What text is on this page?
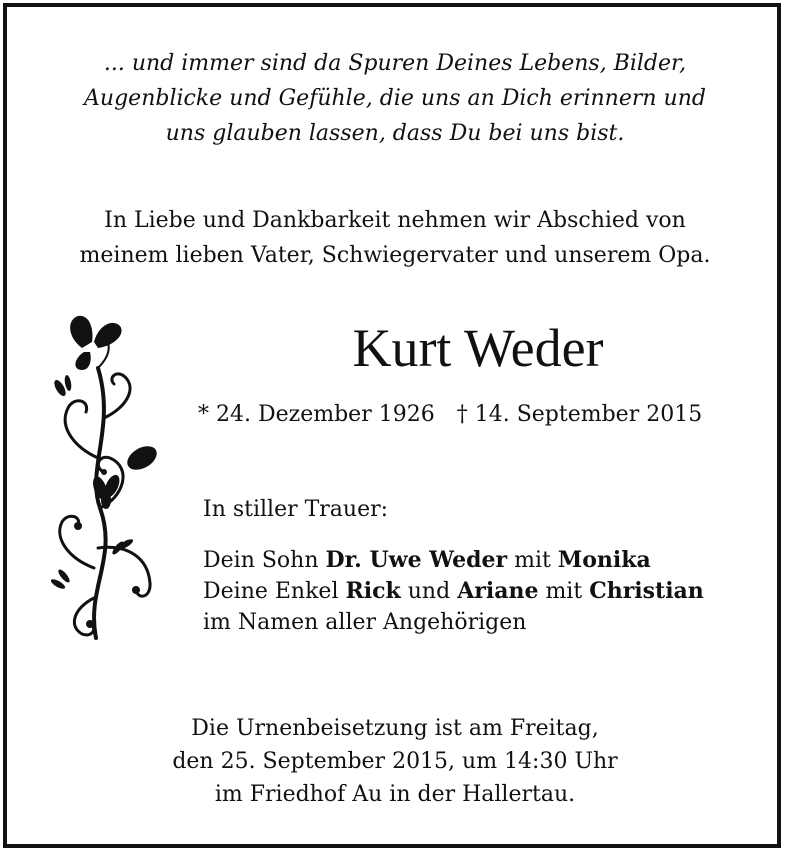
... und immer sind da Spuren Deines Lebens, Bilder,
Augenblicke und Gefühle, die uns an Dich erinnern und
uns glauben lassen, dass Du bei uns bist.
In Liebe und Dankbarkeit nehmen wir Abschied von
meinem lieben Vater, Schwiegervater und unserem Opa.
Kurt Weder
* 24. Dezember 1926 † 14. September 2015
In stiller Trauer:
Dein Sohn Dr. Uwe Weder mit Monika
Deine Enkel Rick und Ariane mit Christian
im Namen aller Angehörigen
Die Urnenbeisetzung ist am Freitag,
den 25. September 2015, um 14:30 Uhr
im Friedhof Au in der Hallertau.
